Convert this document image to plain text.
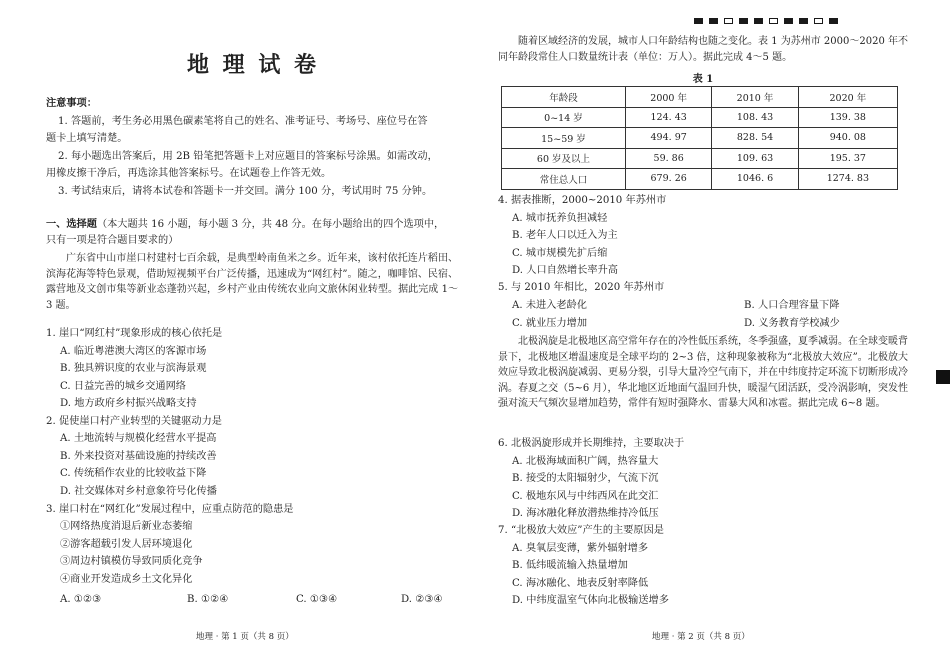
地 理 试 卷
注意事项：
1. 答题前，考生务必用黑色碳素笔将自己的姓名、准考证号、考场号、座位号在答
题卡上填写清楚。
2. 每小题选出答案后，用 2B 铅笔把答题卡上对应题目的答案标号涂黑。如需改动，
用橡皮擦干净后，再选涂其他答案标号。在试题卷上作答无效。
3. 考试结束后，请将本试卷和答题卡一并交回。满分 100 分，考试用时 75 分钟。
一、选择题（本大题共 16 小题，每小题 3 分，共 48 分。在每小题给出的四个选项中，
只有一项是符合题目要求的）
广东省中山市崖口村建村七百余载，是典型岭南鱼米之乡。近年来，该村依托连片稻田、滨海花海等特色景观，借助短视频平台广泛传播，迅速成为“网红村”。随之，咖啡馆、民宿、露营地及文创市集等新业态蓬勃兴起，乡村产业由传统农业向文旅休闲业转型。据此完成 1～3 题。
1. 崖口“网红村”现象形成的核心依托是
A. 临近粤港澳大湾区的客源市场
B. 独具辨识度的农业与滨海景观
C. 日益完善的城乡交通网络
D. 地方政府乡村振兴战略支持
2. 促使崖口村产业转型的关键驱动力是
A. 土地流转与规模化经营水平提高
B. 外来投资对基础设施的持续改善
C. 传统稻作农业的比较收益下降
D. 社交媒体对乡村意象符号化传播
3. 崖口村在“网红化”发展过程中，应重点防范的隐患是
①网络热度消退后新业态萎缩
②游客超载引发人居环境退化
③周边村镇模仿导致同质化竞争
④商业开发造成乡土文化异化
A. ①②③	B. ①②④	C. ①③④	D. ②③④
地理 · 第 1 页（共 8 页）
随着区域经济的发展，城市人口年龄结构也随之变化。表 1 为苏州市 2000～2020 年不同年龄段常住人口数量统计表（单位：万人）。据此完成 4～5 题。
表 1
年龄段	2000 年	2010 年	2020 年
0~14 岁	124. 43	108. 43	139. 38
15~59 岁	494. 97	828. 54	940. 08
60 岁及以上	59. 86	109. 63	195. 37
常住总人口	679. 26	1046. 6	1274. 83
4. 据表推断，2000~2010 年苏州市
A. 城市抚养负担减轻
B. 老年人口以迁入为主
C. 城市规模先扩后缩
D. 人口自然增长率升高
5. 与 2010 年相比，2020 年苏州市
A. 未进入老龄化	B. 人口合理容量下降
C. 就业压力增加	D. 义务教育学校减少
北极涡旋是北极地区高空常年存在的冷性低压系统，冬季强盛，夏季减弱。在全球变暖背景下，北极地区增温速度是全球平均的 2~3 倍，这种现象被称为“北极放大效应”。北极放大效应导致北极涡旋减弱、更易分裂，引导大量冷空气南下，并在中纬度持定环流下切断形成冷涡。春夏之交（5~6 月），华北地区近地面气温回升快，暖湿气团活跃，受冷涡影响，突发性强对流天气频次显增加趋势，常伴有短时强降水、雷暴大风和冰雹。据此完成 6~8 题。
6. 北极涡旋形成并长期维持，主要取决于
A. 北极海域面积广阔，热容量大
B. 接受的太阳辐射少，气流下沉
C. 极地东风与中纬西风在此交汇
D. 海冰融化释放潜热维持冷低压
7. “北极放大效应”产生的主要原因是
A. 臭氧层变薄，紫外辐射增多
B. 低纬暖流输入热量增加
C. 海冰融化、地表反射率降低
D. 中纬度温室气体向北极输送增多
地理 · 第 2 页（共 8 页）
